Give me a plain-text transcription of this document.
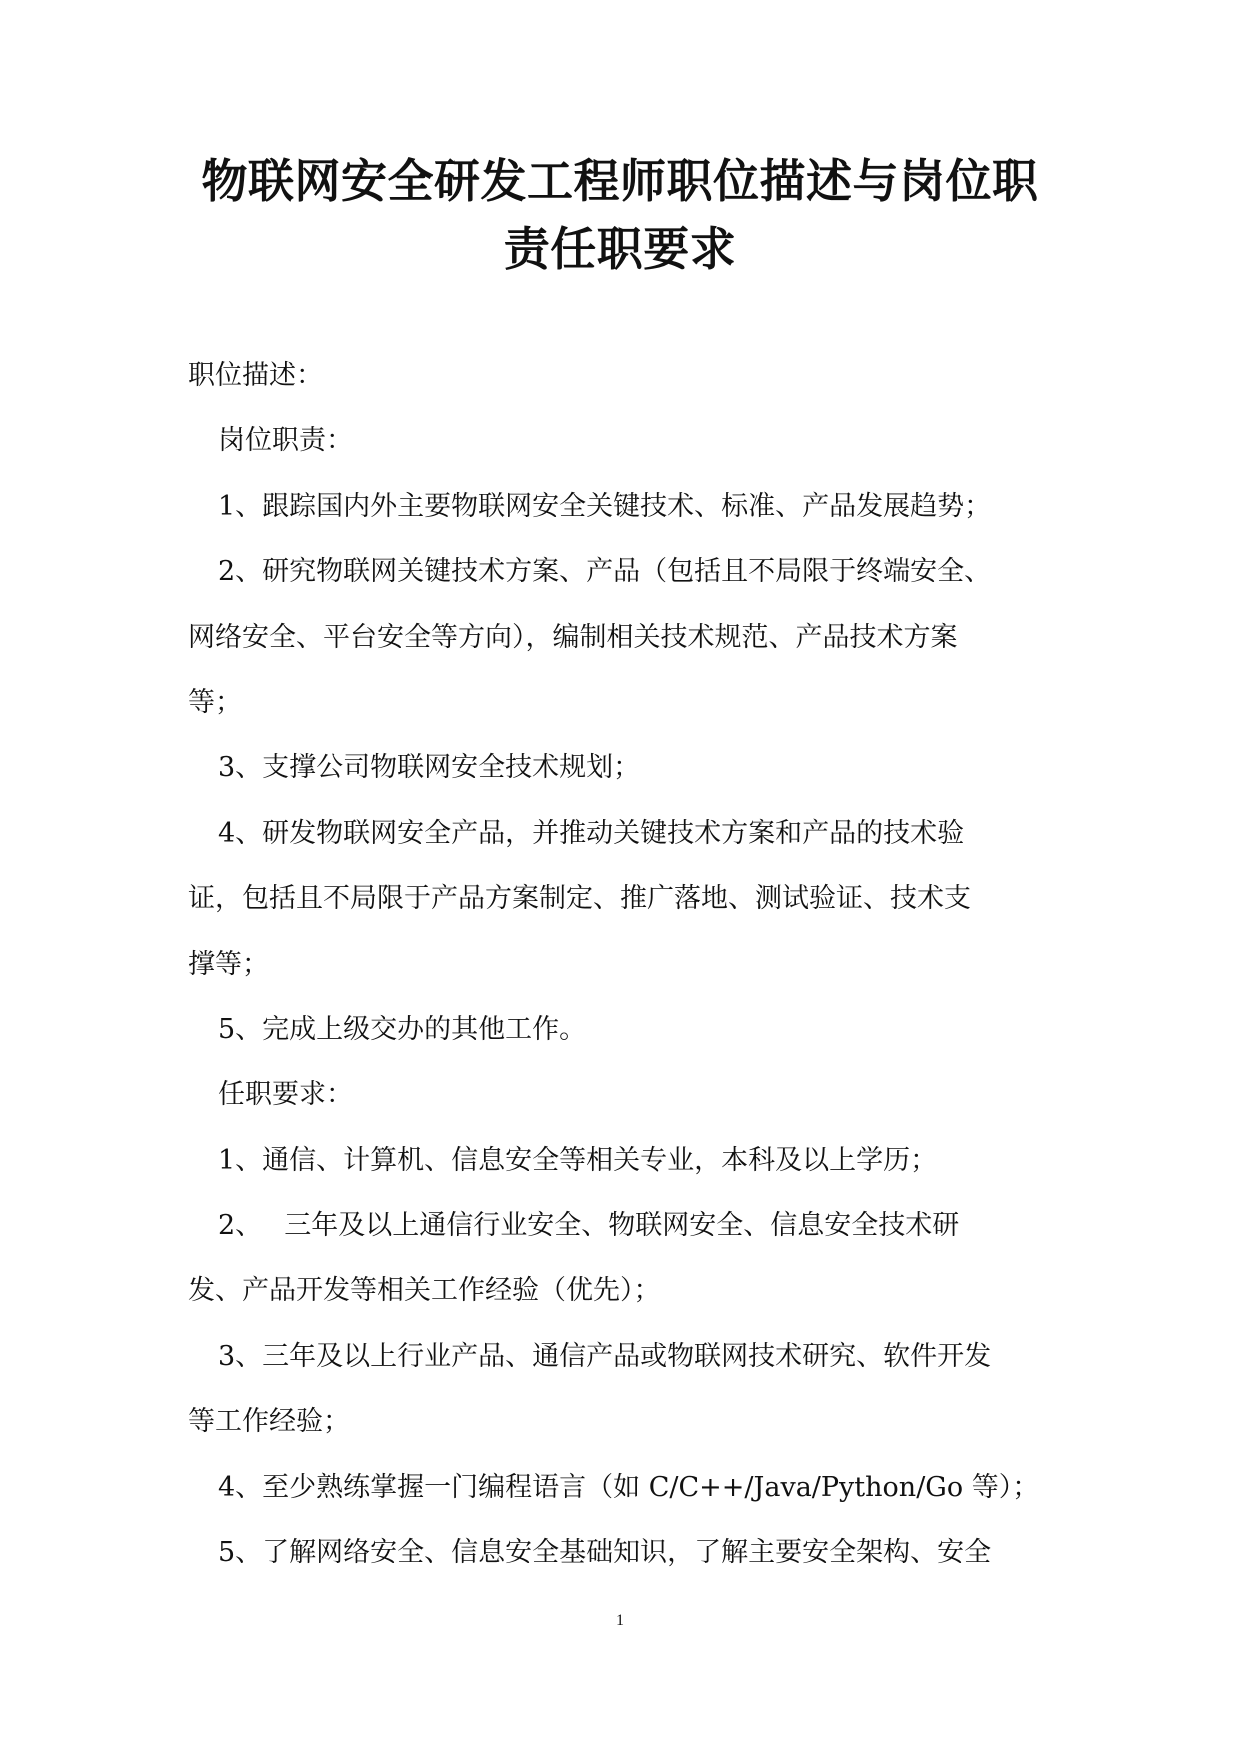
物联网安全研发工程师职位描述与岗位职
责任职要求
职位描述：
岗位职责：
1、跟踪国内外主要物联网安全关键技术、标准、产品发展趋势；
2、研究物联网关键技术方案、产品（包括且不局限于终端安全、
网络安全、平台安全等方向），编制相关技术规范、产品技术方案
等；
3、支撑公司物联网安全技术规划；
4、研发物联网安全产品，并推动关键技术方案和产品的技术验
证，包括且不局限于产品方案制定、推广落地、测试验证、技术支
撑等；
5、完成上级交办的其他工作。
任职要求：
1、通信、计算机、信息安全等相关专业，本科及以上学历；
2、　 三年及以上通信行业安全、物联网安全、信息安全技术研
发、产品开发等相关工作经验（优先）；
3、三年及以上行业产品、通信产品或物联网技术研究、软件开发
等工作经验；
4、至少熟练掌握一门编程语言（如 C/C++/Java/Python/Go 等）；
5、了解网络安全、信息安全基础知识，了解主要安全架构、安全
1
